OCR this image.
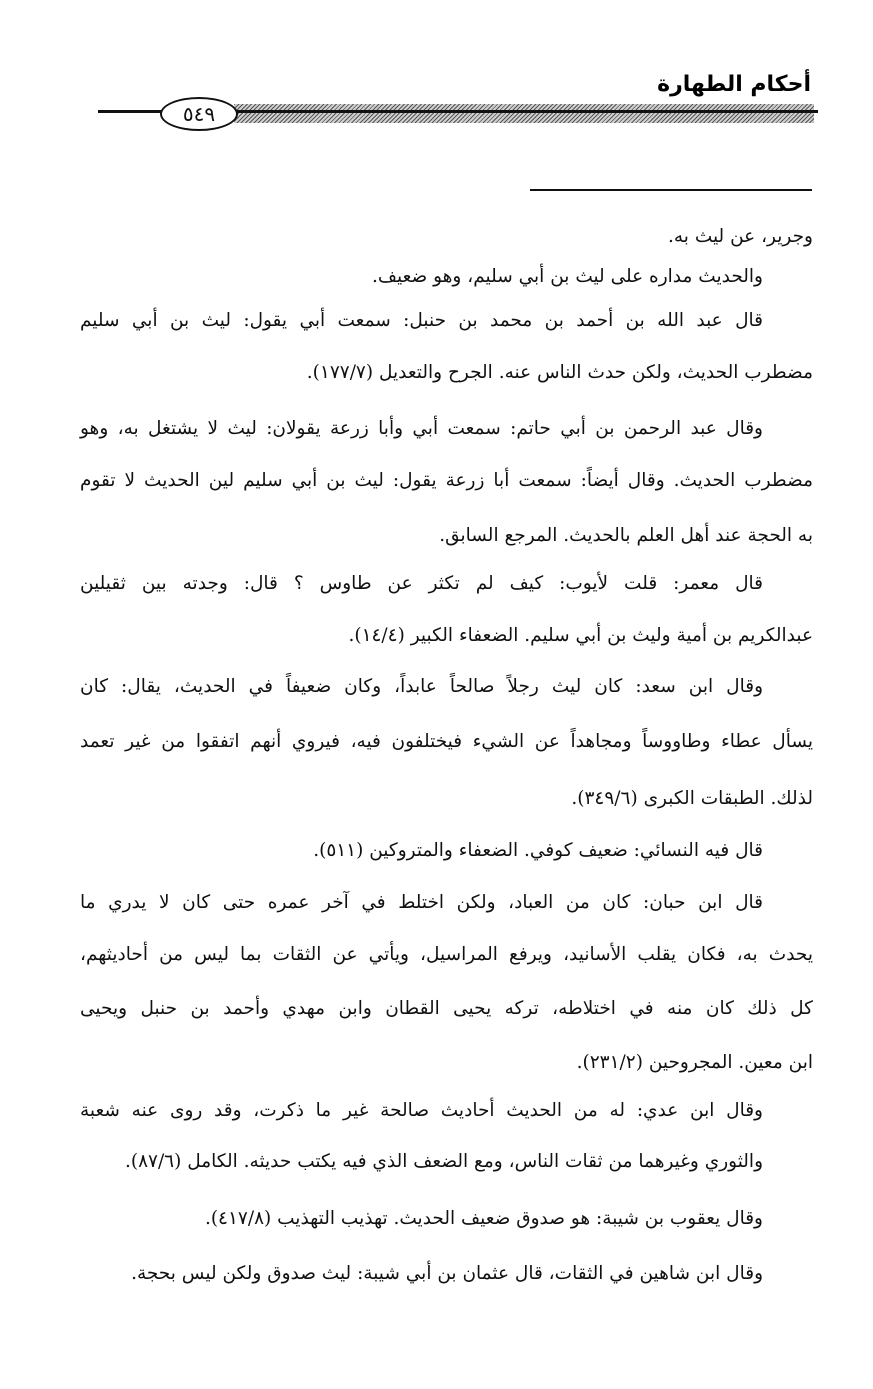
أحكام الطهارة
٥٤٩
وجرير، عن ليث به.
والحديث مداره على ليث بن أبي سليم، وهو ضعيف.
قال عبد الله بن أحمد بن محمد بن حنبل: سمعت أبي يقول: ليث بن أبي سليم
مضطرب الحديث، ولكن حدث الناس عنه. الجرح والتعديل (١٧٧/٧).
وقال عبد الرحمن بن أبي حاتم: سمعت أبي وأبا زرعة يقولان: ليث لا يشتغل به، وهو
مضطرب الحديث. وقال أيضاً: سمعت أبا زرعة يقول: ليث بن أبي سليم لين الحديث لا تقوم
به الحجة عند أهل العلم بالحديث. المرجع السابق.
قال معمر: قلت لأيوب: كيف لم تكثر عن طاوس ؟ قال: وجدته بين ثقيلين
عبدالكريم بن أمية وليث بن أبي سليم. الضعفاء الكبير (١٤/٤).
وقال ابن سعد: كان ليث رجلاً صالحاً عابداً، وكان ضعيفاً في الحديث، يقال: كان
يسأل عطاء وطاووساً ومجاهداً عن الشيء فيختلفون فيه، فيروي أنهم اتفقوا من غير تعمد
لذلك. الطبقات الكبرى (٣٤٩/٦).
قال فيه النسائي: ضعيف كوفي. الضعفاء والمتروكين (٥١١).
قال ابن حبان: كان من العباد، ولكن اختلط في آخر عمره حتى كان لا يدري ما
يحدث به، فكان يقلب الأسانيد، ويرفع المراسيل، ويأتي عن الثقات بما ليس من أحاديثهم،
كل ذلك كان منه في اختلاطه، تركه يحيى القطان وابن مهدي وأحمد بن حنبل ويحيى
ابن معين. المجروحين (٢٣١/٢).
وقال ابن عدي: له من الحديث أحاديث صالحة غير ما ذكرت، وقد روى عنه شعبة
والثوري وغيرهما من ثقات الناس، ومع الضعف الذي فيه يكتب حديثه. الكامل (٨٧/٦).
وقال يعقوب بن شيبة: هو صدوق ضعيف الحديث. تهذيب التهذيب (٤١٧/٨).
وقال ابن شاهين في الثقات، قال عثمان بن أبي شيبة: ليث صدوق ولكن ليس بحجة.
